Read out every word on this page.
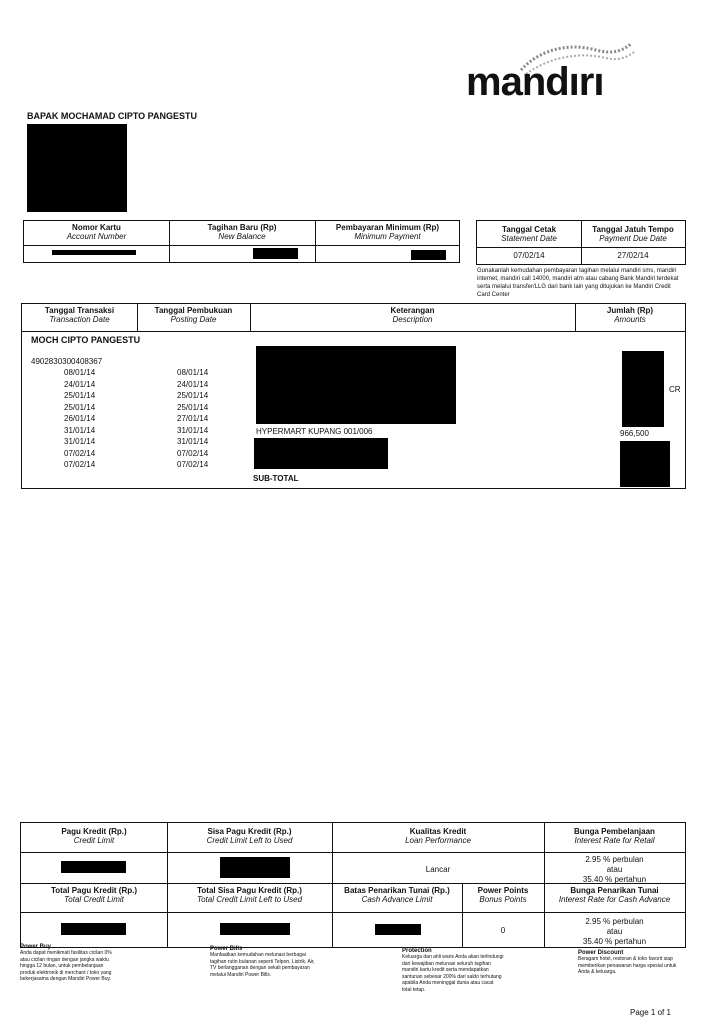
mandırı
BAPAK MOCHAMAD CIPTO PANGESTU
Nomor Kartu
Account Number
Tagihan Baru (Rp)
New Balance
Pembayaran Minimum (Rp)
Minimum Payment
Tanggal Cetak
Statement Date
Tanggal Jatuh Tempo
Payment Due Date
07/02/14	27/02/14
Gunakanlah kemudahan pembayaran tagihan melalui mandiri sms, mandiri internet, mandiri call 14000, mandiri atm atau cabang Bank Mandiri terdekat serta melalui transfer/LLG dari bank lain yang ditujukan ke Mandiri Credit Card Center
Tanggal Transaksi
Transaction Date
Tanggal Pembukuan
Posting Date
Keterangan
Description
Jumlah (Rp)
Amounts
MOCH CIPTO PANGESTU
4902830300408367
08/01/14
24/01/14
25/01/14
25/01/14
26/01/14
31/01/14
31/01/14
07/02/14
07/02/14
08/01/14
24/01/14
25/01/14
25/01/14
27/01/14
31/01/14
31/01/14
07/02/14
07/02/14
HYPERMART KUPANG 001/006
CR
966,500
SUB-TOTAL
Pagu Kredit (Rp.)
Credit Limit
Sisa Pagu Kredit (Rp.)
Credit Limit Left to Used
Kualitas Kredit
Loan Performance
Bunga Pembelanjaan
Interest Rate for Retail
Lancar
2.95 % perbulan
atau
35.40 % pertahun
Total Pagu Kredit (Rp.)
Total Credit Limit
Total Sisa Pagu Kredit (Rp.)
Total Credit Limit Left to Used
Batas Penarikan Tunai (Rp.)
Cash Advance Limit
Power Points
Bonus Points
Bunga Penarikan Tunai
Interest Rate for Cash Advance
0
2.95 % perbulan
atau
35.40 % pertahun
Power Buy
Anda dapat menikmati fasilitas cicilan 0% atau cicilan ringan dengan jangka waktu hingga 12 bulan, untuk pembelanjaan produk elektronik di merchant / toko yang bekerjasama dengan Mandiri Power Buy.
Power Bills
Manfaatkan kemudahan melunasi berbagai tagihan rutin bulanan seperti Telpon, Listrik, Air, TV berlangganan dengan sekali pembayaran melalui Mandiri Power Bills.
Protection
Keluarga dan ahli waris Anda akan terlindungi dari kewajiban melunasi seluruh tagihan mandiri kartu kredit serta mendapatkan santunan sebesar 200% dari saldo terhutang apabila Anda meninggal dunia atau cacat total tetap.
Power Discount
Beragam hotel, restoran & toko favorit siap memberikan penawaran harga spesial untuk Anda & keluarga.
Page 1 of 1
